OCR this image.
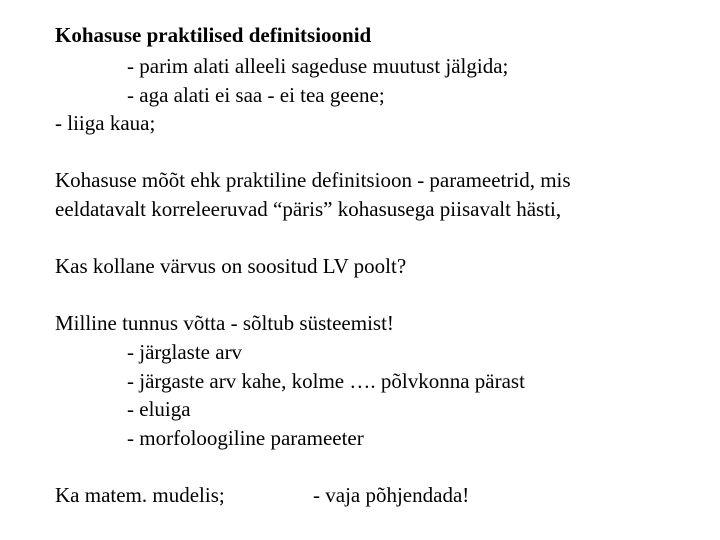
Kohasuse praktilised definitsioonid
- parim alati alleeli sageduse muutust jälgida;
- aga alati ei saa - ei tea geene;
- liiga kaua;
Kohasuse mõõt ehk praktiline definitsioon - parameetrid, mis
eeldatavalt korreleeruvad “päris” kohasusega piisavalt hästi,
Kas kollane värvus on soositud LV poolt?
Milline tunnus võtta - sõltub süsteemist!
- järglaste arv
- järgaste arv kahe, kolme …. põlvkonna pärast
- eluiga
- morfoloogiline parameeter
Ka matem. mudelis;	- vaja põhjendada!
